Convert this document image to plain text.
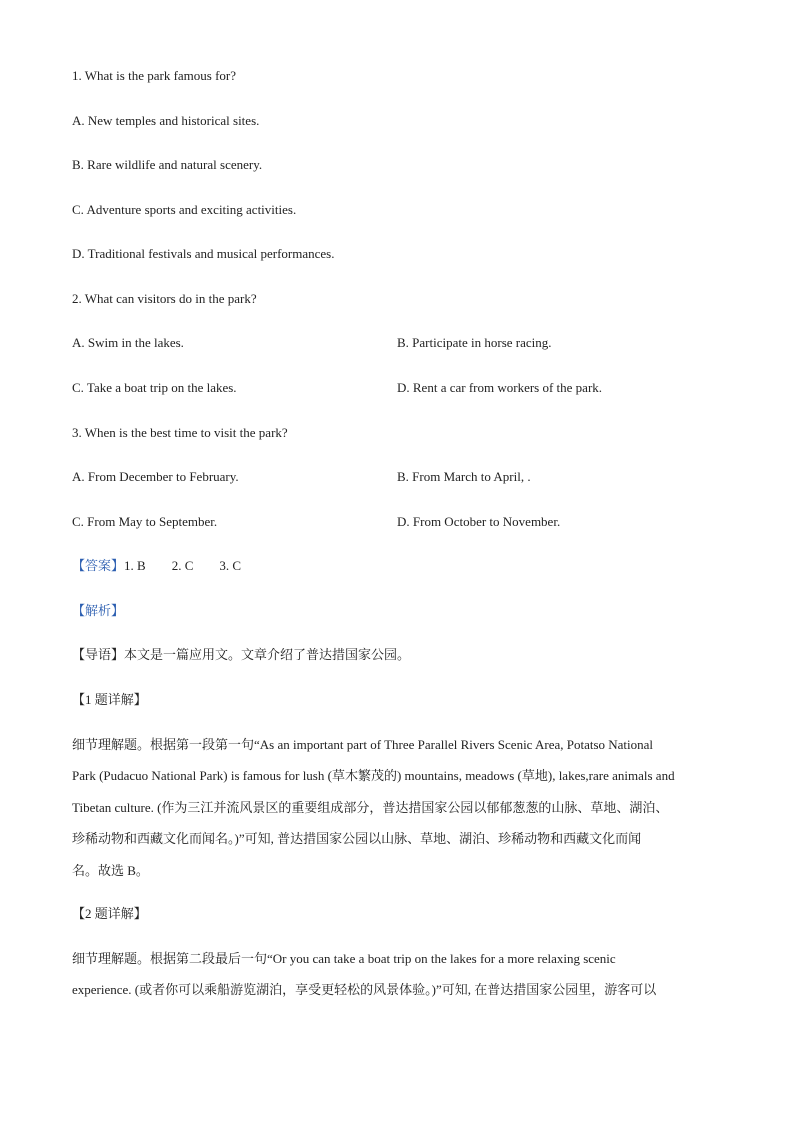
1. What is the park famous for?
A. New temples and historical sites.
B. Rare wildlife and natural scenery.
C. Adventure sports and exciting activities.
D. Traditional festivals and musical performances.
2. What can visitors do in the park?
A. Swim in the lakes.	B. Participate in horse racing.
C. Take a boat trip on the lakes.	D. Rent a car from workers of the park.
3. When is the best time to visit the park?
A. From December to February.	B. From March to April, .
C. From May to September.	D. From October to November.
【答案】1. B 2. C 3. C
【解析】
【导语】本文是一篇应用文。文章介绍了普达措国家公园。
【1 题详解】
细节理解题。根据第一段第一句“As an important part of Three Parallel Rivers Scenic Area, Potatso National
Park (Pudacuo National Park) is famous for lush (草木繁茂的) mountains, meadows (草地), lakes,rare animals and
Tibetan culture. (作为三江并流风景区的重要组成部分，普达措国家公园以郁郁葱葱的山脉、草地、湖泊、
珍稀动物和西藏文化而闻名。)”可知, 普达措国家公园以山脉、草地、湖泊、珍稀动物和西藏文化而闻
名。故选 B。
【2 题详解】
细节理解题。根据第二段最后一句“Or you can take a boat trip on the lakes for a more relaxing scenic
experience. (或者你可以乘船游览湖泊，享受更轻松的风景体验。)”可知, 在普达措国家公园里，游客可以
